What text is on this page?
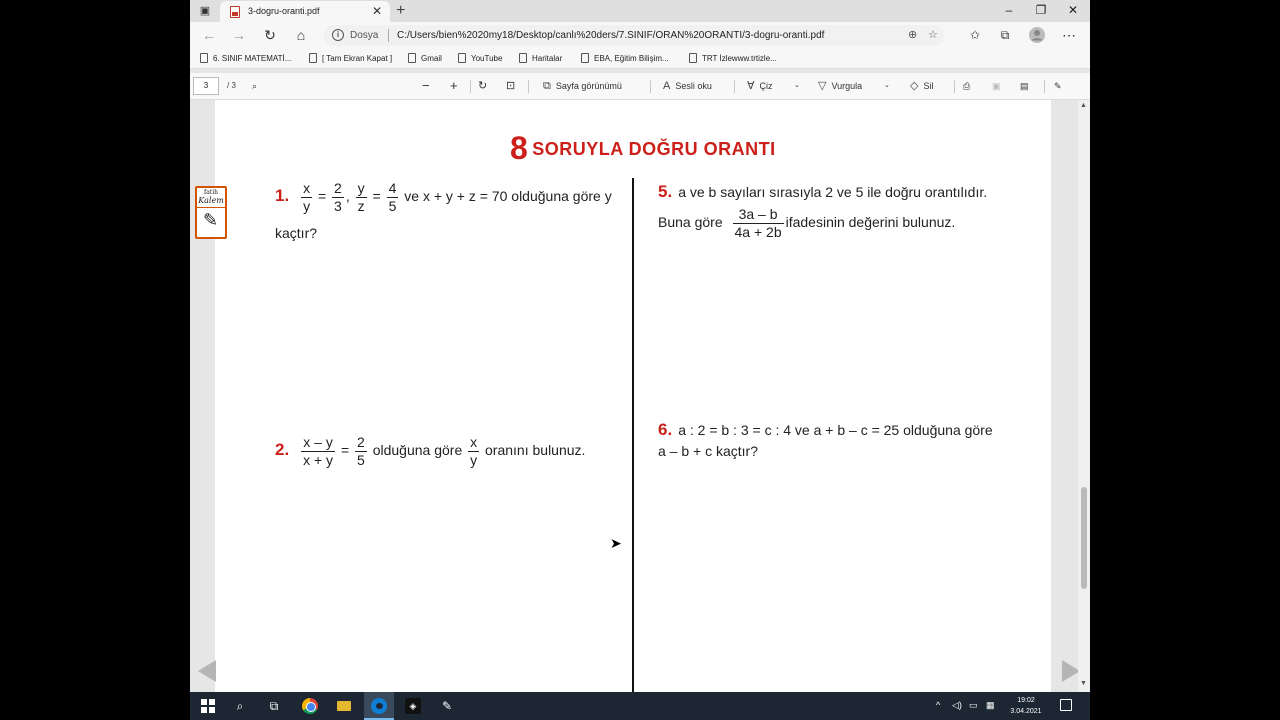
▣	3-dogru-oranti.pdf	✕ +	–	❐ ✕
← → ↻	⌂	i	Dosya C:/Users/bien%2020my18/Desktop/canlı%20ders/7.SINIF/ORAN%20ORANTI/3-dogru-oranti.pdf	⊕ ☆	✩	⧉	⋯
6. SINIF MATEMATİ...	[ Tam Ekran Kapat ]	Gmail	YouTube	Haritalar	EBA, Eğitim Bilişim...	TRT İzlewww.trtizle...
3	/ 3 ⌕	− + ↻ ⊡	⧉ Sayfa görünümü	A Sesli oku	∀ Çiz	⌄ ▽ Vurgula	⌄ ◇ Sil	⎙ ▣ ▤	✎
8 SORUYLA DOĞRU ORANTI
1. $\frac{x}{y} = \frac{2}{3}$ , $\frac{y}{z} = \frac{4}{5}$ ve x + y + z = 70 olduğuna göre y
kaçtır?
2. $\frac{x - y}{x + y} = \frac{2}{5}$ olduğuna göre $\frac{x}{y}$ oranını bulunuz.
5. a ve b sayıları sırasıyla 2 ve 5 ile doğru orantılıdır.
Buna göre $\frac{3a - b}{4a + 2b}$ ifadesinin değerini bulunuz.
6. a : 2 = b : 3 = c : 4 ve a + b – c = 25 olduğuna göre
a – b + c kaçtır?
➤
fatih
Kalem
✎
▲
▼
⌕	⧉	◈	✎	^ ◁) ▭ ▦	19:02
3.04.2021
